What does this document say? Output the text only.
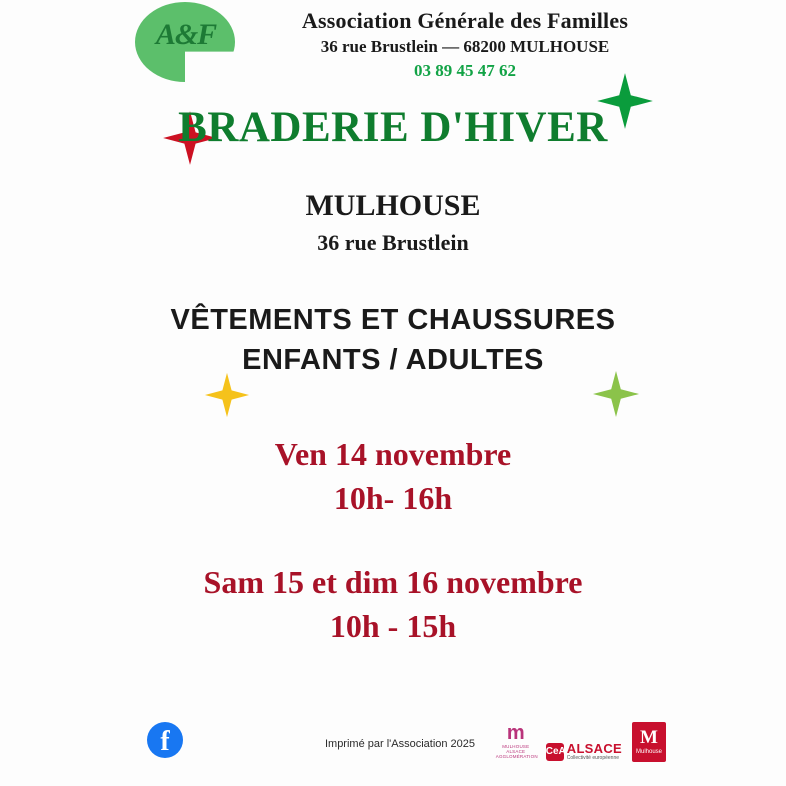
A&F	Association Générale des Familles
36 rue Brustlein — 68200 MULHOUSE
03 89 45 47 62
BRADERIE D'HIVER
MULHOUSE
36 rue Brustlein
VÊTEMENTS ET CHAUSSURES
ENFANTS / ADULTES
Ven 14 novembre
10h- 16h
Sam 15 et dim 16 novembre
10h - 15h
f	Imprimé par l'Association 2025	m
MULHOUSE ALSACE AGGLOMÉRATION CeA ALSACE
Collectivité européenne
M
Mulhouse
